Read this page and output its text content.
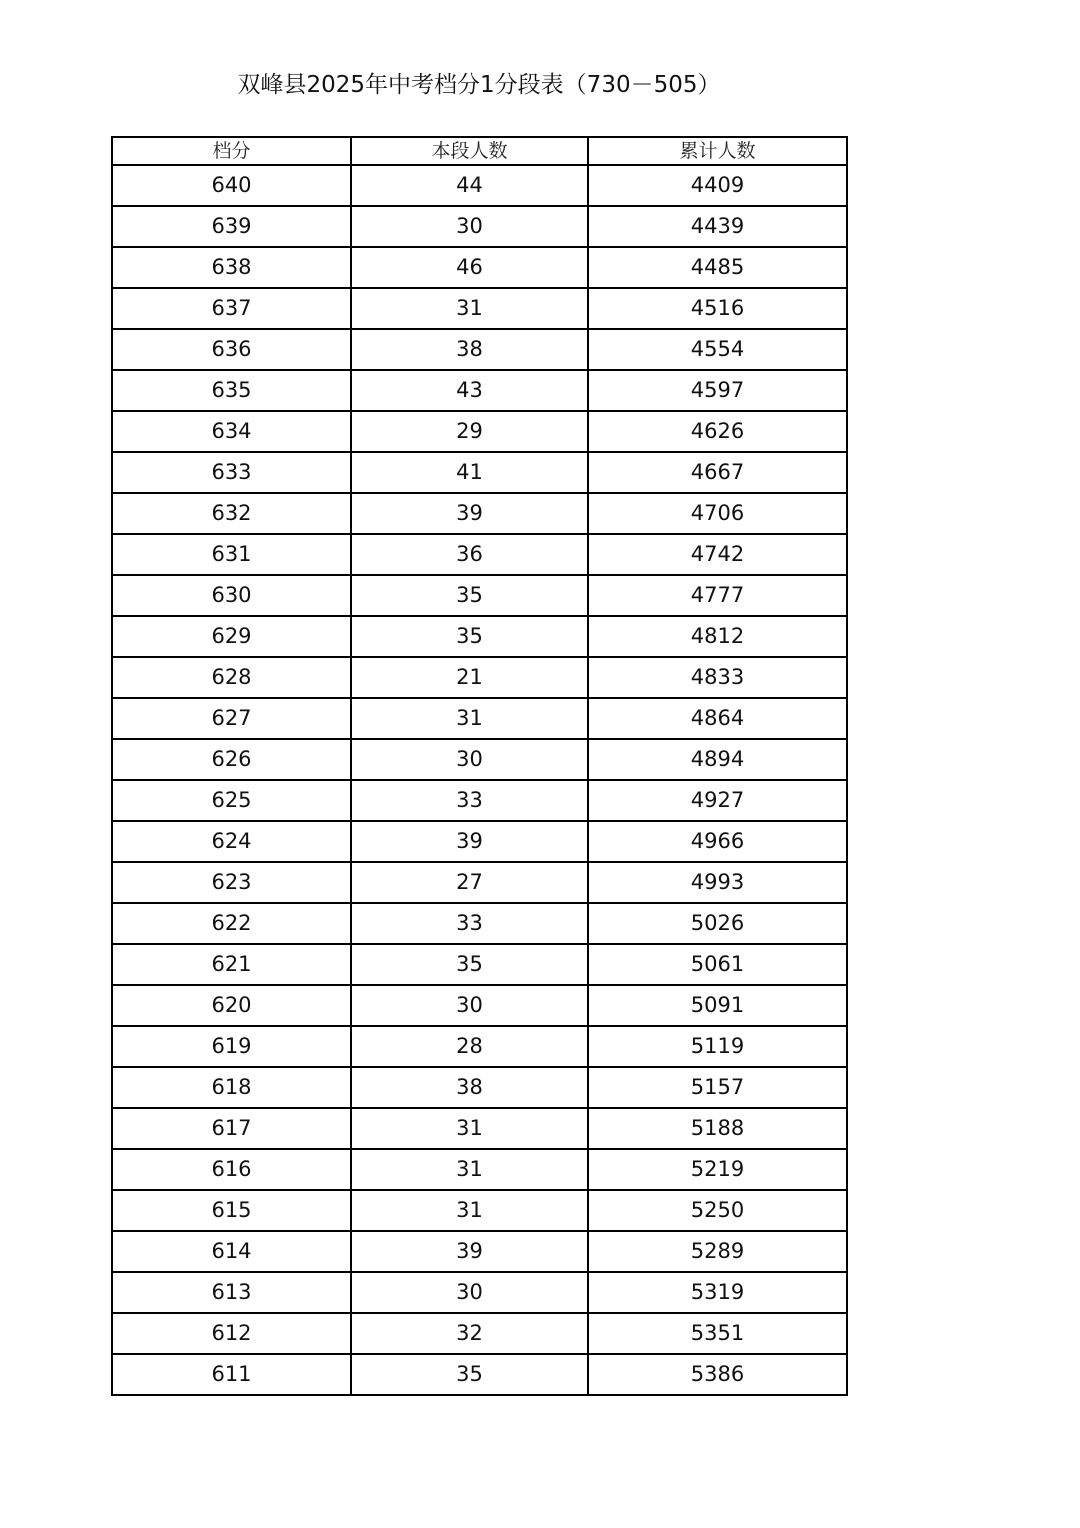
双峰县2025年中考档分1分段表（730－505）
档分	本段人数	累计人数
640	44	4409
639	30	4439
638	46	4485
637	31	4516
636	38	4554
635	43	4597
634	29	4626
633	41	4667
632	39	4706
631	36	4742
630	35	4777
629	35	4812
628	21	4833
627	31	4864
626	30	4894
625	33	4927
624	39	4966
623	27	4993
622	33	5026
621	35	5061
620	30	5091
619	28	5119
618	38	5157
617	31	5188
616	31	5219
615	31	5250
614	39	5289
613	30	5319
612	32	5351
611	35	5386
